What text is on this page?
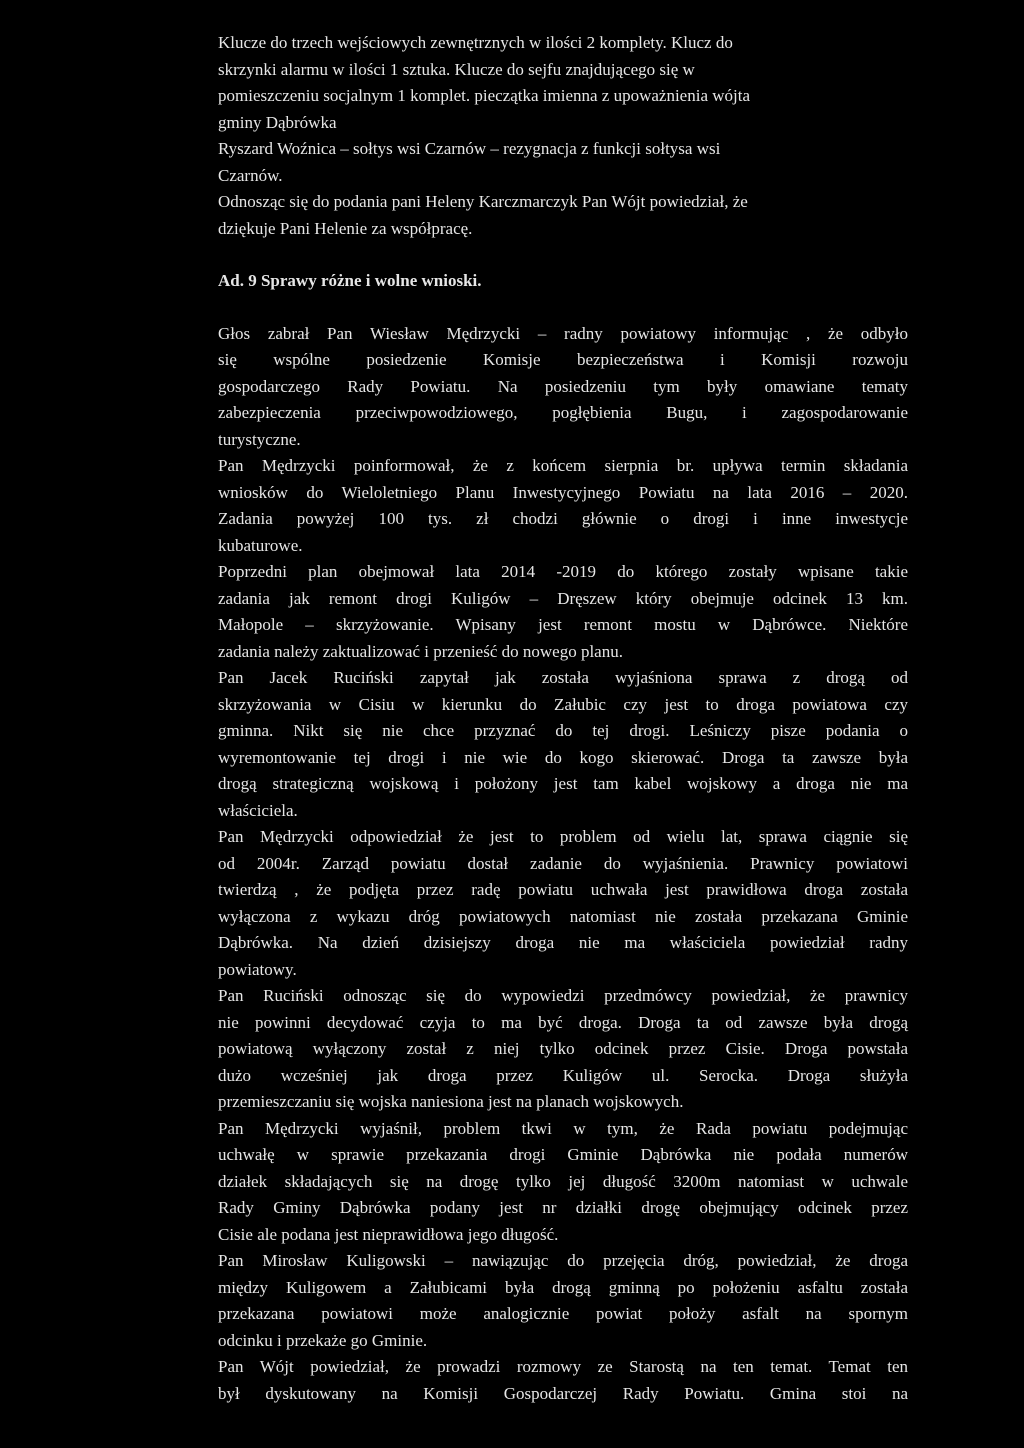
Klucze do trzech wejściowych zewnętrznych w ilości 2 komplety. Klucz do
skrzynki alarmu w ilości 1 sztuka. Klucze do sejfu znajdującego się w
pomieszczeniu socjalnym 1 komplet. pieczątka imienna z upoważnienia wójta
gminy Dąbrówka
Ryszard Woźnica – sołtys wsi Czarnów – rezygnacja z funkcji sołtysa wsi
Czarnów.
Odnosząc się do podania pani Heleny Karczmarczyk Pan Wójt powiedział, że
dziękuje Pani Helenie za współpracę.
Ad. 9 Sprawy różne i wolne wnioski.
Głos zabrał Pan Wiesław Mędrzycki – radny powiatowy informując , że odbyło
się wspólne posiedzenie Komisje bezpieczeństwa i Komisji rozwoju
gospodarczego Rady Powiatu. Na posiedzeniu tym były omawiane tematy
zabezpieczenia przeciwpowodziowego, pogłębienia Bugu, i zagospodarowanie
turystyczne.
Pan Mędrzycki poinformował, że z końcem sierpnia br. upływa termin składania
wniosków do Wieloletniego Planu Inwestycyjnego Powiatu na lata 2016 – 2020.
Zadania powyżej 100 tys. zł chodzi głównie o drogi i inne inwestycje
kubaturowe.
Poprzedni plan obejmował lata 2014 -2019 do którego zostały wpisane takie
zadania jak remont drogi Kuligów – Dręszew który obejmuje odcinek 13 km.
Małopole – skrzyżowanie. Wpisany jest remont mostu w Dąbrówce. Niektóre
zadania należy zaktualizować i przenieść do nowego planu.
Pan Jacek Ruciński zapytał jak została wyjaśniona sprawa z drogą od
skrzyżowania w Cisiu w kierunku do Załubic czy jest to droga powiatowa czy
gminna. Nikt się nie chce przyznać do tej drogi. Leśniczy pisze podania o
wyremontowanie tej drogi i nie wie do kogo skierować. Droga ta zawsze była
drogą strategiczną wojskową i położony jest tam kabel wojskowy a droga nie ma
właściciela.
Pan Mędrzycki odpowiedział że jest to problem od wielu lat, sprawa ciągnie się
od 2004r. Zarząd powiatu dostał zadanie do wyjaśnienia. Prawnicy powiatowi
twierdzą , że podjęta przez radę powiatu uchwała jest prawidłowa droga została
wyłączona z wykazu dróg powiatowych natomiast nie została przekazana Gminie
Dąbrówka. Na dzień dzisiejszy droga nie ma właściciela powiedział radny
powiatowy.
Pan Ruciński odnosząc się do wypowiedzi przedmówcy powiedział, że prawnicy
nie powinni decydować czyja to ma być droga. Droga ta od zawsze była drogą
powiatową wyłączony został z niej tylko odcinek przez Cisie. Droga powstała
dużo wcześniej jak droga przez Kuligów ul. Serocka. Droga służyła
przemieszczaniu się wojska naniesiona jest na planach wojskowych.
Pan Mędrzycki wyjaśnił, problem tkwi w tym, że Rada powiatu podejmując
uchwałę w sprawie przekazania drogi Gminie Dąbrówka nie podała numerów
działek składających się na drogę tylko jej długość 3200m natomiast w uchwale
Rady Gminy Dąbrówka podany jest nr działki drogę obejmujący odcinek przez
Cisie ale podana jest nieprawidłowa jego długość.
Pan Mirosław Kuligowski – nawiązując do przejęcia dróg, powiedział, że droga
między Kuligowem a Załubicami była drogą gminną po położeniu asfaltu została
przekazana powiatowi może analogicznie powiat położy asfalt na spornym
odcinku i przekaże go Gminie.
Pan Wójt powiedział, że prowadzi rozmowy ze Starostą na ten temat. Temat ten
był dyskutowany na Komisji Gospodarczej Rady Powiatu. Gmina stoi na
